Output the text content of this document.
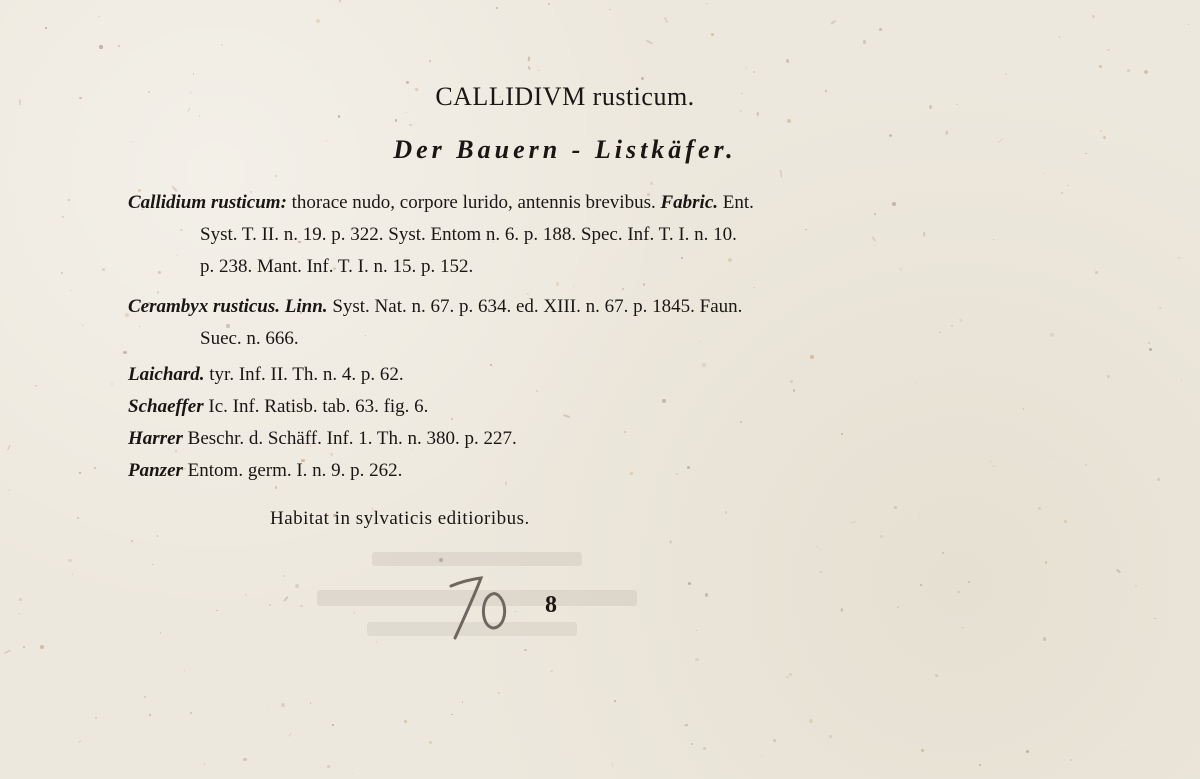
CALLIDIVM rusticum.
Der Bauern - Listkäfer.
Callidium rusticum: thorace nudo, corpore lurido, antennis brevibus. Fabric. Ent.
Syst. T. II. n. 19. p. 322. Syst. Entom n. 6. p. 188. Spec. Inf. T. I. n. 10.
p. 238. Mant. Inf. T. I. n. 15. p. 152.
Cerambyx rusticus. Linn. Syst. Nat. n. 67. p. 634. ed. XIII. n. 67. p. 1845. Faun.
Suec. n. 666.
Laichard. tyr. Inf. II. Th. n. 4. p. 62.
Schaeffer Ic. Inf. Ratisb. tab. 63. fig. 6.
Harrer Beschr. d. Schäff. Inf. 1. Th. n. 380. p. 227.
Panzer Entom. germ. I. n. 9. p. 262.
Habitat in sylvaticis editioribus.
8
